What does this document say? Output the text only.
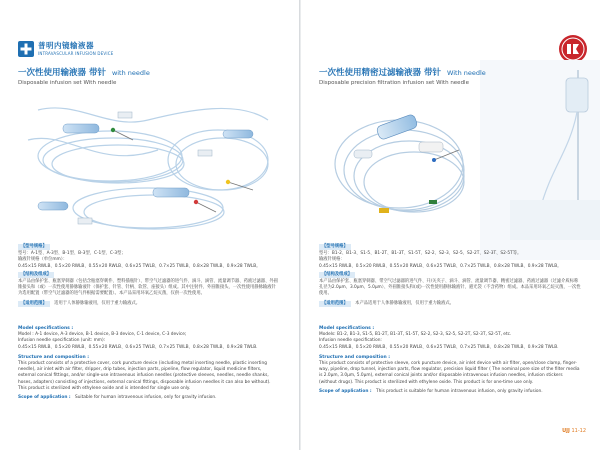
普明内镜输液器
INTRAVASCULAR INFUSION DEVICE
一次性使用输液器 带针 with needle
Disposable infusion set With needle
【型号规格】

型号：A-1型、A-3型、B-1型、B-3型、C-1型、C-3型；

输液针规格（单位mm）：

0.45×15 RWLB、0.5×20 RWLB、0.55×20 RWLB、0.6×25 TWLB、0.7×25 TWLB、0.8×28 TWLB、0.9×28 TWLB。

【结构及组成】

本产品由保护套、瓶塞穿刺器（包括含瓶塞穿刺件、塑料插瓶针）、带空气过滤器的进气件、滴斗、滴管、流量调节器、药液过滤器、外圆锥接头和（或）一次性使用静脉输液针（保护套、针管、针柄、软管、座接头）组成。其中注射件、外圆锥接头、一次性使用静脉输液针为选用配置（带空气过滤器的进气件根据需要配置）。本产品采用环氧乙烷灭菌，仅供一次性使用。

【适用范围】 适用于人体静脉输液用，仅用于重力输液式。
Model specifications :

Model : A-1 device, A-3 device, B-1 device, B-3 device, C-1 device, C-3 device;

Infusion needle specification (unit: mm):

0.45×15 RWLB、0.5×20 RWLB、0.55×20 RWLB、0.6×25 TWLB、0.7×25 TWLB、0.8×28 TWLB、0.9×28 TWLB.

Structure and composition :

This product consists of a protective cover, cork puncture device (including metal inserting needle, plastic inserting needle), air inlet with air filter, dripper, drip tubes, injection parts, pipeline, flow regulator, liquid medicine filters, external conical fittings, and/or single-use intravenous infusion needles (protective sleeves, needles, needle shanks, hoses, adapters) consisting of injections, external conical fittings, disposable infusion needles it can also be without). This product is sterilized with ethylene oxide and is intended for single use only.

Scope of application : Suitable for human intravenous infusion, only for gravity infusion.
一次性使用精密过滤输液器 带针 With needle
Disposable precision filtration infusion set With needle
【型号规格】

型号：B1-2、B1-3、S1-5、B1-2T、B1-3T、S1-5T、S2-2、S2-3、S2-5、S2-2T、S2-3T、S2-5T等。

输液针规格：

0.45×15 RWLB、0.5×20 RWLB、0.55×20 RWLB、0.6×25 TWLB、0.7×25 TWLB、0.8×28 TWLB、0.9×28 TWLB。

【结构及组成】

本产品由保护套、瓶塞穿刺器、带空气过滤器的进气件、开/关夹子、滴斗、滴管、流量调节器、精密过滤器、药液过滤器（过滤介质标称孔径为2.0μm、3.0μm、5.0μm）、外圆锥接头和(或)一次性使用静脉输液针、避光袋（不含药物）组成。本品采用环氧乙烷灭菌，一次性使用。

【适用范围】 本产品适用于人体静脉输液用，仅用于重力输液式。
Model specifications :

Models: B1-2, B1-3, S1-5, B1-2T, B1-3T, S1-5T, S2-2, S2-3, S2-5, S2-2T, S2-3T, S2-5T, etc.

Infusion needle specification:

0.45×15 RWLB、0.5×20 RWLB、0.55×20 RWLB、0.6×25 TWLB、0.7×25 TWLB、0.8×28 TWLB、0.9×28 TWLB.

Structure and composition :

This product consists of protective sleeve, cork puncture device, air inlet device with air filter, open/close clamp, finger-way, pipeline, drop tunnel, injection parts, flow regulator, precision liquid filter ( The nominal pore size of the filter media is 2.0μm, 3.0μm, 5.0μm), external conical joints and/or disposable intravenous infusion needles, infusion stickers (without drugs). This product is sterilized with ethylene oxide. This product is for one-time use only.

Scope of application : This product is suitable for human intravenous infusion, only gravity infusion.
UJJ 11-12
